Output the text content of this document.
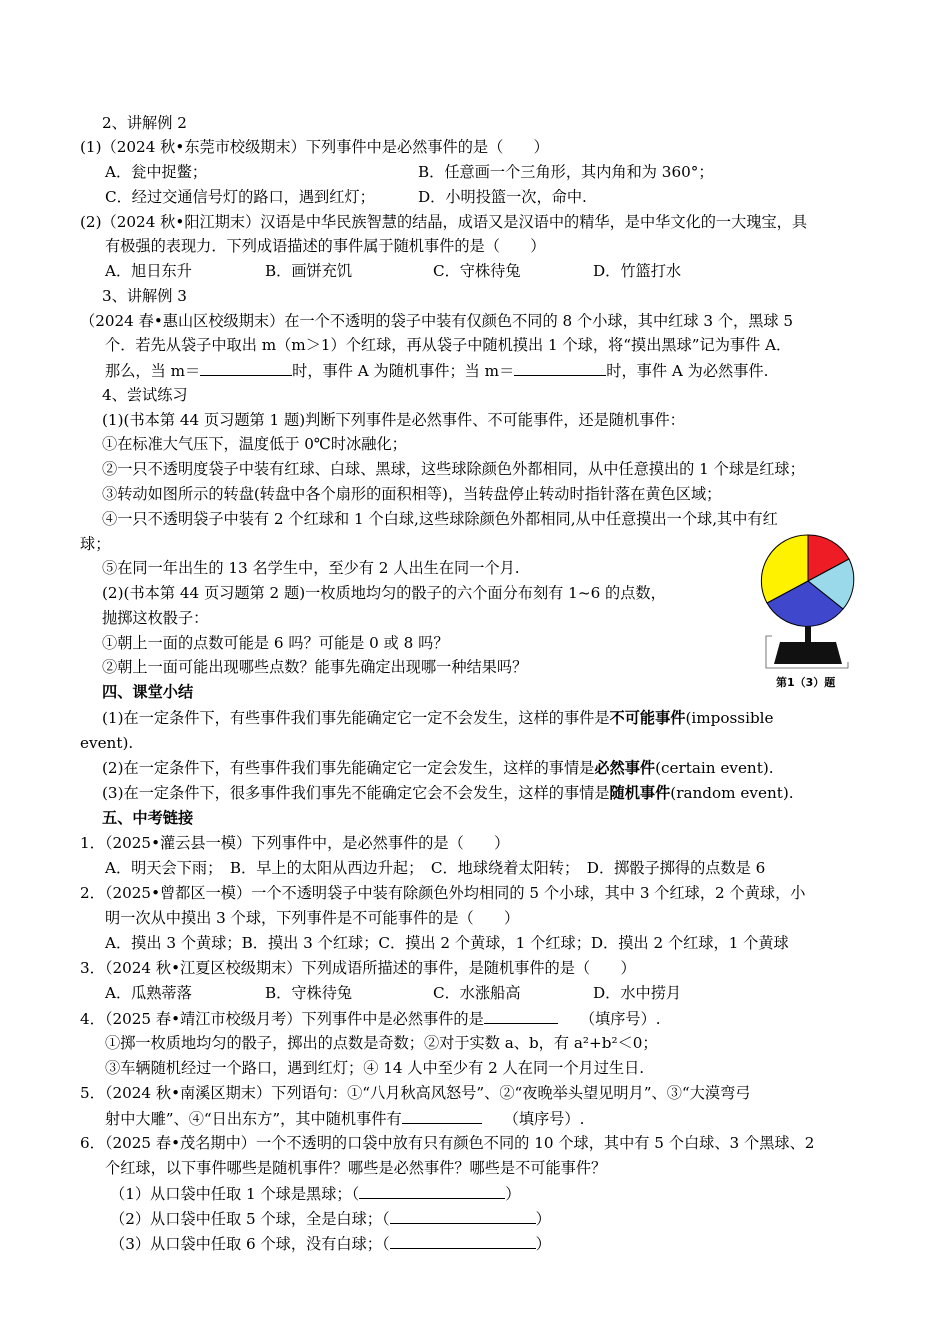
2、讲解例 2
(1)（2024 秋•东莞市校级期末）下列事件中是必然事件的是（　　）
A．瓮中捉鳖；	B．任意画一个三角形，其内角和为 360°；
C．经过交通信号灯的路口，遇到红灯；	D．小明投篮一次，命中.
(2)（2024 秋•阳江期末）汉语是中华民族智慧的结晶，成语又是汉语中的精华，是中华文化的一大瑰宝，具
有极强的表现力．下列成语描述的事件属于随机事件的是（　　）
A．旭日东升	B．画饼充饥	C．守株待兔	D．竹篮打水
3、讲解例 3
（2024 春•惠山区校级期末）在一个不透明的袋子中装有仅颜色不同的 8 个小球，其中红球 3 个，黑球 5
个．若先从袋子中取出 m（m＞1）个红球，再从袋子中随机摸出 1 个球，将“摸出黑球”记为事件 A．
那么，当 m＝	时，事件 A 为随机事件；当 m＝	时，事件 A 为必然事件.
4、尝试练习
(1)(书本第 44 页习题第 1 题)判断下列事件是必然事件、不可能事件，还是随机事件：
①在标准大气压下，温度低于 0℃时冰融化；
②一只不透明度袋子中装有红球、白球、黑球，这些球除颜色外都相同，从中任意摸出的 1 个球是红球；
③转动如图所示的转盘(转盘中各个扇形的面积相等)，当转盘停止转动时指针落在黄色区域；
④一只不透明袋子中装有 2 个红球和 1 个白球,这些球除颜色外都相同,从中任意摸出一个球,其中有红
球；
⑤在同一年出生的 13 名学生中，至少有 2 人出生在同一个月.
(2)(书本第 44 页习题第 2 题)一枚质地均匀的骰子的六个面分布刻有 1~6 的点数，
抛掷这枚骰子：
①朝上一面的点数可能是 6 吗？可能是 0 或 8 吗？
②朝上一面可能出现哪些点数？能事先确定出现哪一种结果吗？
第1（3）题
四、课堂小结
(1)在一定条件下，有些事件我们事先能确定它一定不会发生，这样的事件是不可能事件(impossible
event).
(2)在一定条件下，有些事件我们事先能确定它一定会发生，这样的事情是必然事件(certain event).
(3)在一定条件下，很多事件我们事先不能确定它会不会发生，这样的事情是随机事件(random event).
五、中考链接
1．（2025•灌云县一模）下列事件中，是必然事件的是（　　）
A．明天会下雨；　B．早上的太阳从西边升起；　C．地球绕着太阳转；　D．掷骰子掷得的点数是 6
2．（2025•曾都区一模）一个不透明袋子中装有除颜色外均相同的 5 个小球，其中 3 个红球，2 个黄球，小
明一次从中摸出 3 个球，下列事件是不可能事件的是（　　）
A．摸出 3 个黄球；B．摸出 3 个红球；C．摸出 2 个黄球，1 个红球；D．摸出 2 个红球，1 个黄球
3．（2024 秋•江夏区校级期末）下列成语所描述的事件，是随机事件的是（　　）
A．瓜熟蒂落	B．守株待兔	C．水涨船高	D．水中捞月
4．（2025 春•靖江市校级月考）下列事件中是必然事件的是	（填序号）.
①掷一枚质地均匀的骰子，掷出的点数是奇数；②对于实数 a、b，有 a²+b²＜0；
③车辆随机经过一个路口，遇到红灯；④ 14 人中至少有 2 人在同一个月过生日.
5．（2024 秋•南溪区期末）下列语句：①“八月秋高风怒号”、②“夜晚举头望见明月”、③“大漠弯弓
射中大雕”、④“日出东方”，其中随机事件有	（填序号）.
6．（2025 春•茂名期中）一个不透明的口袋中放有只有颜色不同的 10 个球，其中有 5 个白球、3 个黑球、2
个红球，以下事件哪些是随机事件？哪些是必然事件？哪些是不可能事件？
（1）从口袋中任取 1 个球是黑球；（	）
（2）从口袋中任取 5 个球，全是白球；（	）
（3）从口袋中任取 6 个球，没有白球；（	）
